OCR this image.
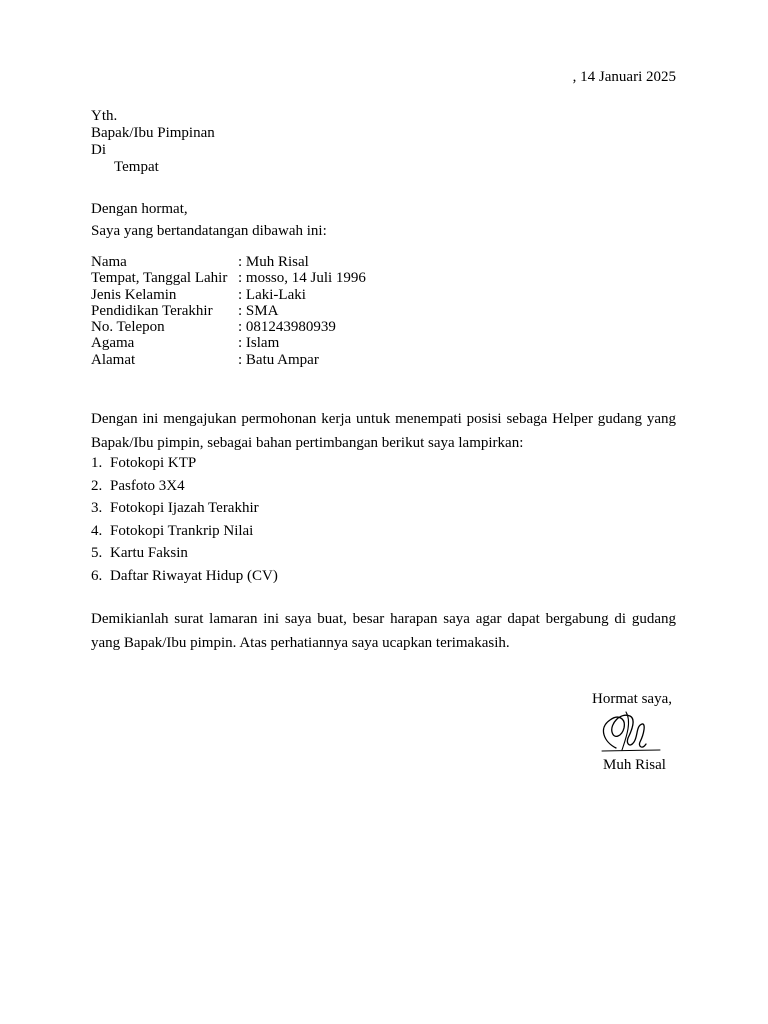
, 14 Januari 2025
Yth.
Bapak/Ibu Pimpinan
Di
Tempat
Dengan hormat,
Saya yang bertandatangan dibawah ini:
Nama	: Muh Risal
Tempat, Tanggal Lahir : mosso, 14 Juli 1996
Jenis Kelamin	: Laki-Laki
Pendidikan Terakhir	: SMA
No. Telepon	: 081243980939
Agama	: Islam
Alamat	: Batu Ampar
Dengan ini mengajukan permohonan kerja untuk menempati posisi sebaga Helper gudang yang Bapak/Ibu pimpin, sebagai bahan pertimbangan berikut saya lampirkan:
1. Fotokopi KTP
2. Pasfoto 3X4
3. Fotokopi Ijazah Terakhir
4. Fotokopi Trankrip Nilai
5. Kartu Faksin
6. Daftar Riwayat Hidup (CV)
Demikianlah surat lamaran ini saya buat, besar harapan saya agar dapat bergabung di gudang yang Bapak/Ibu pimpin. Atas perhatiannya saya ucapkan terimakasih.
Hormat saya,
Muh Risal
